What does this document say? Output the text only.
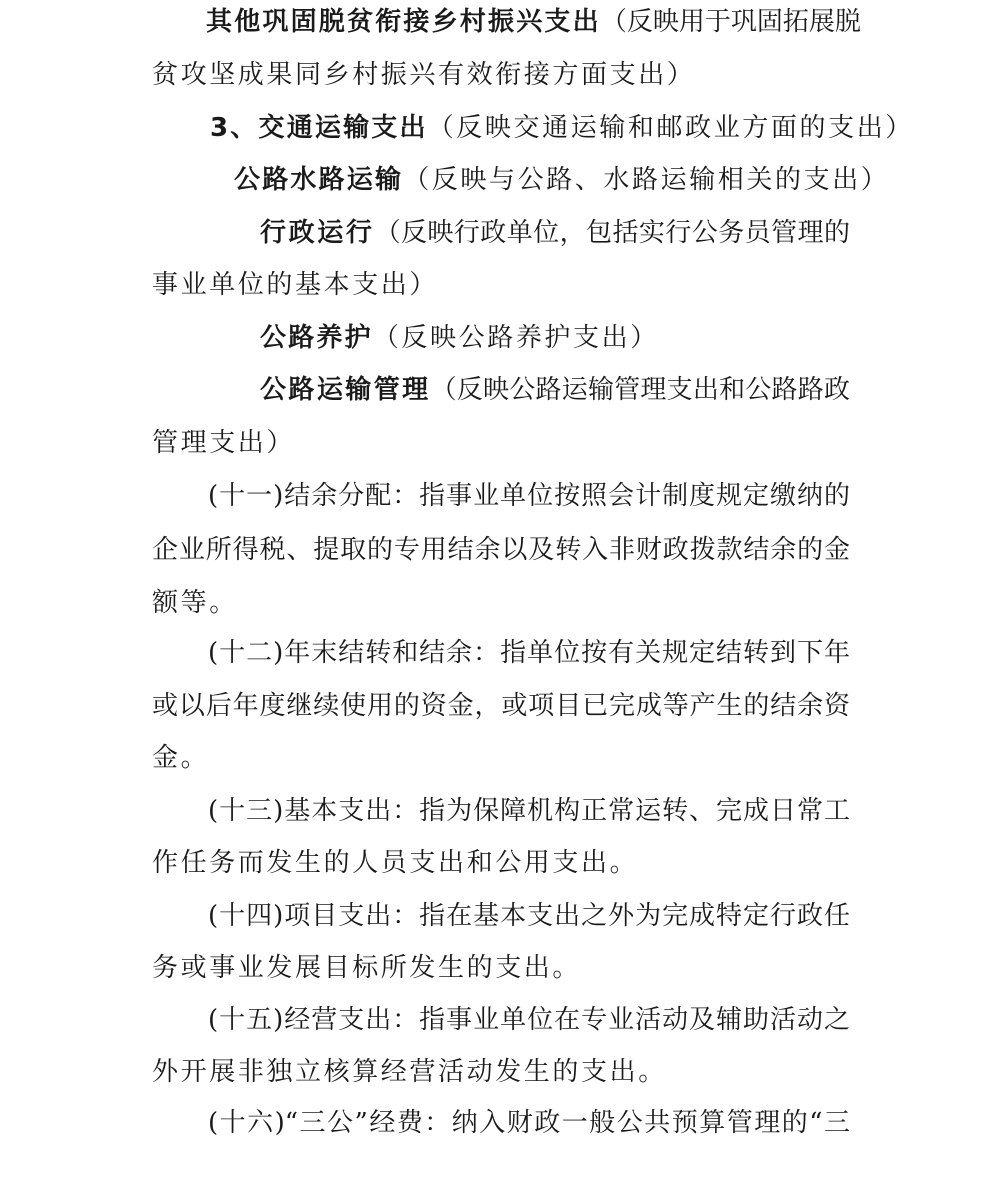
其他巩固脱贫衔接乡村振兴支出（反映用于巩固拓展脱
贫攻坚成果同乡村振兴有效衔接方面支出）
3、交通运输支出（反映交通运输和邮政业方面的支出）
公路水路运输（反映与公路、水路运输相关的支出）
行政运行（反映行政单位，包括实行公务员管理的
事业单位的基本支出）
公路养护（反映公路养护支出）
公路运输管理（反映公路运输管理支出和公路路政
管理支出）
(十一)结余分配：指事业单位按照会计制度规定缴纳的
企业所得税、提取的专用结余以及转入非财政拨款结余的金
额等。
(十二)年末结转和结余：指单位按有关规定结转到下年
或以后年度继续使用的资金，或项目已完成等产生的结余资
金。
(十三)基本支出：指为保障机构正常运转、完成日常工
作任务而发生的人员支出和公用支出。
(十四)项目支出：指在基本支出之外为完成特定行政任
务或事业发展目标所发生的支出。
(十五)经营支出：指事业单位在专业活动及辅助活动之
外开展非独立核算经营活动发生的支出。
(十六)“三公”经费：纳入财政一般公共预算管理的“三
